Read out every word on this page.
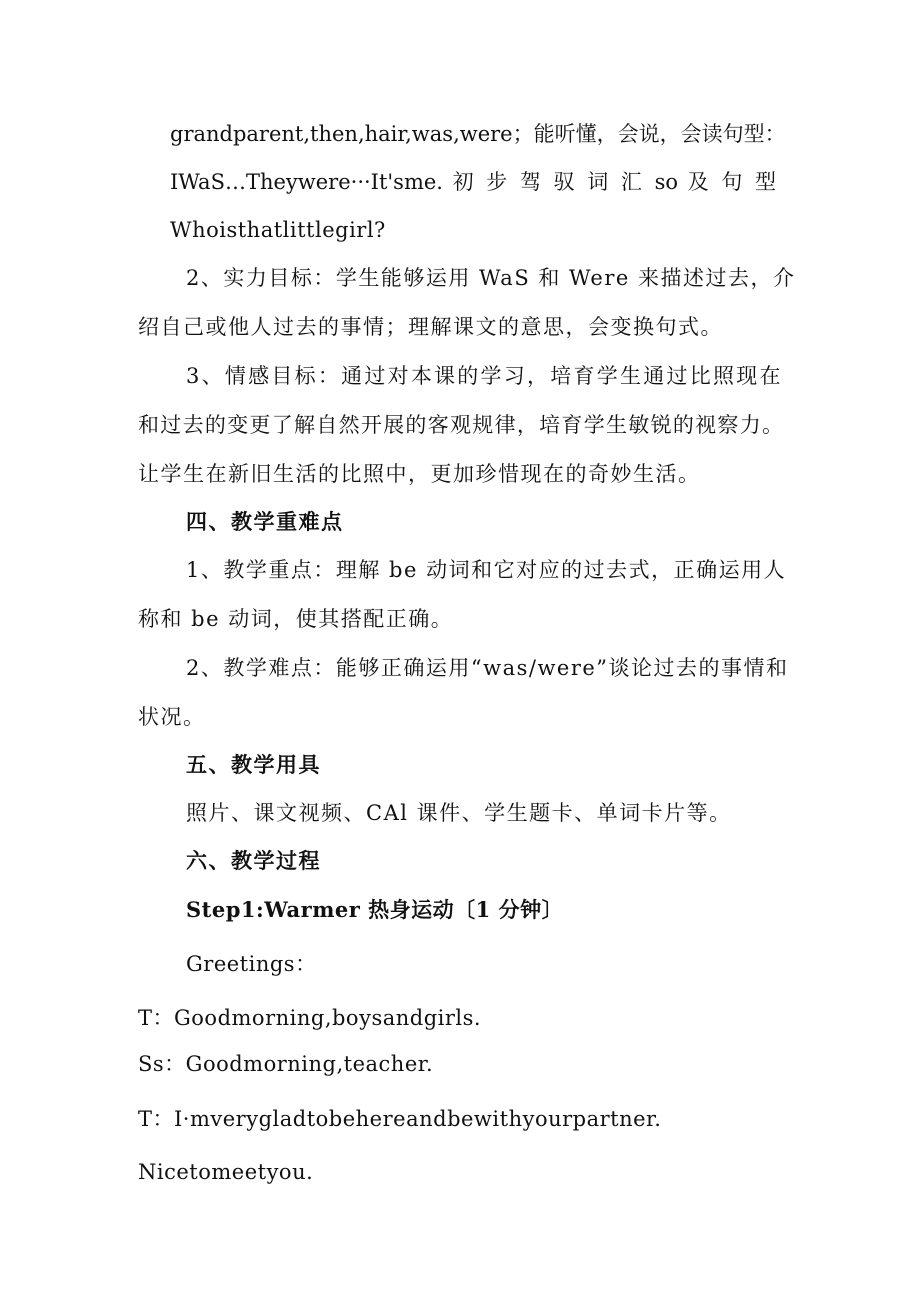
grandparent,then,hair,was,were；能听懂，会说，会读句型：
IWaS…Theywere···It'sme. 初 步 驾 驭 词 汇 so 及 句 型
Whoisthatlittlegirl?
2、实力目标：学生能够运用 WaS 和 Were 来描述过去，介
绍自己或他人过去的事情；理解课文的意思，会变换句式。
3、情感目标：通过对本课的学习，培育学生通过比照现在
和过去的变更了解自然开展的客观规律，培育学生敏锐的视察力。
让学生在新旧生活的比照中，更加珍惜现在的奇妙生活。
四、教学重难点
1、教学重点：理解 be 动词和它对应的过去式，正确运用人
称和 be 动词，使其搭配正确。
2、教学难点：能够正确运用“was/were”谈论过去的事情和
状况。
五、教学用具
照片、课文视频、CAl 课件、学生题卡、单词卡片等。
六、教学过程
Step1:Warmer 热身运动〔1 分钟〕
Greetings：
T：Goodmorning,boysandgirls.
Ss：Goodmorning,teacher.
T：I·mverygladtobehereandbewithyourpartner.
Nicetomeetyou.
